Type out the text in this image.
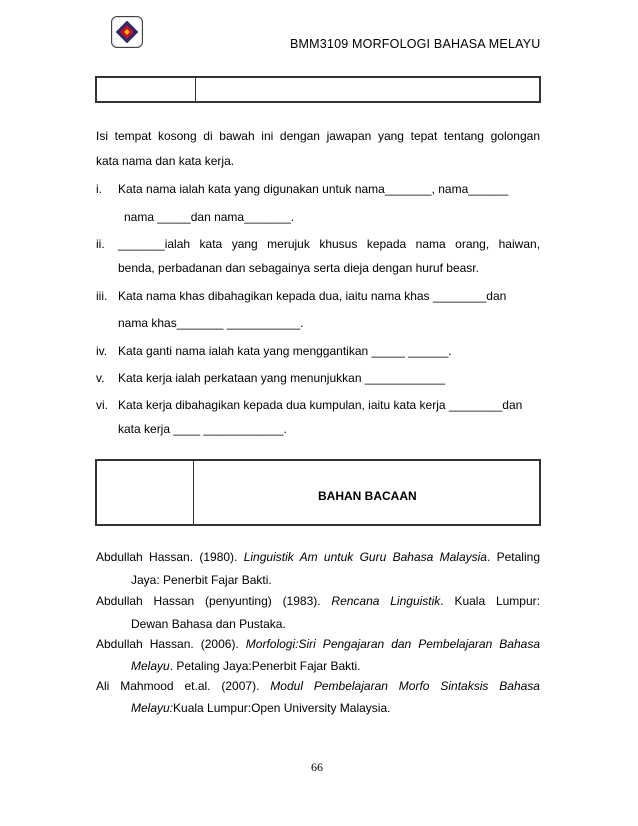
BMM3109 MORFOLOGI BAHASA MELAYU
Isi tempat kosong di bawah ini dengan jawapan yang tepat tentang golongan
kata nama dan kata kerja.
i. Kata nama ialah kata yang digunakan untuk nama_______, nama______
nama _____dan nama_______.
ii. _______ialah kata yang merujuk khusus kepada nama orang, haiwan,
benda, perbadanan dan sebagainya serta dieja dengan huruf beasr.
iii. Kata nama khas dibahagikan kepada dua, iaitu nama khas ________dan
nama khas_______ ___________.
iv. Kata ganti nama ialah kata yang menggantikan _____ ______.
v. Kata kerja ialah perkataan yang menunjukkan ____________
vi. Kata kerja dibahagikan kepada dua kumpulan, iaitu kata kerja ________dan
kata kerja ____ ____________.
BAHAN BACAAN
Abdullah Hassan. (1980). Linguistik Am untuk Guru Bahasa Malaysia. Petaling
Jaya: Penerbit Fajar Bakti.
Abdullah Hassan (penyunting) (1983). Rencana Linguistik. Kuala Lumpur:
Dewan Bahasa dan Pustaka.
Abdullah Hassan. (2006). Morfologi:Siri Pengajaran dan Pembelajaran Bahasa
Melayu. Petaling Jaya:Penerbit Fajar Bakti.
Ali Mahmood et.al. (2007). Modul Pembelajaran Morfo Sintaksis Bahasa
Melayu:Kuala Lumpur:Open University Malaysia.
66
